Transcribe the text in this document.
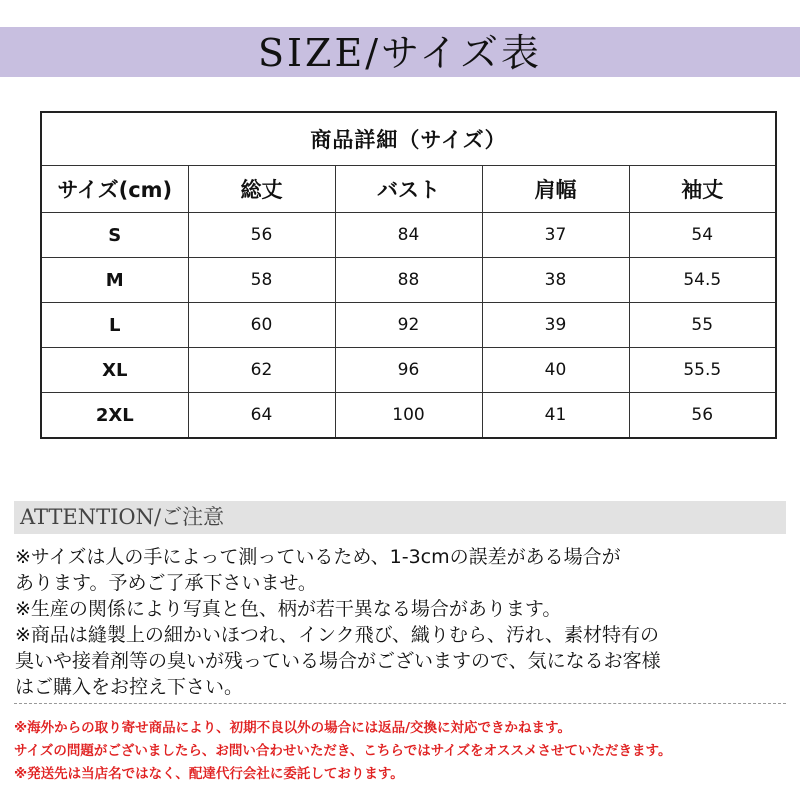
SIZE/サイズ表
商品詳細（サイズ）				
サイズ(cm)	総丈	バスト	肩幅	袖丈
S	56	84	37	54
M	58	88	38	54.5
L	60	92	39	55
XL	62	96	40	55.5
2XL	64	100	41	56
ATTENTION/ご注意
※サイズは人の手によって測っているため、1-3cmの誤差がある場合が
あります。予めご了承下さいませ。
※生産の関係により写真と色、柄が若干異なる場合があります。
※商品は縫製上の細かいほつれ、インク飛び、織りむら、汚れ、素材特有の
臭いや接着剤等の臭いが残っている場合がございますので、気になるお客様
はご購入をお控え下さい。
※海外からの取り寄せ商品により、初期不良以外の場合には返品/交換に対応できかねます。
サイズの問題がございましたら、お問い合わせいただき、こちらではサイズをオススメさせていただきます。
※発送先は当店名ではなく、配達代行会社に委託しております。
